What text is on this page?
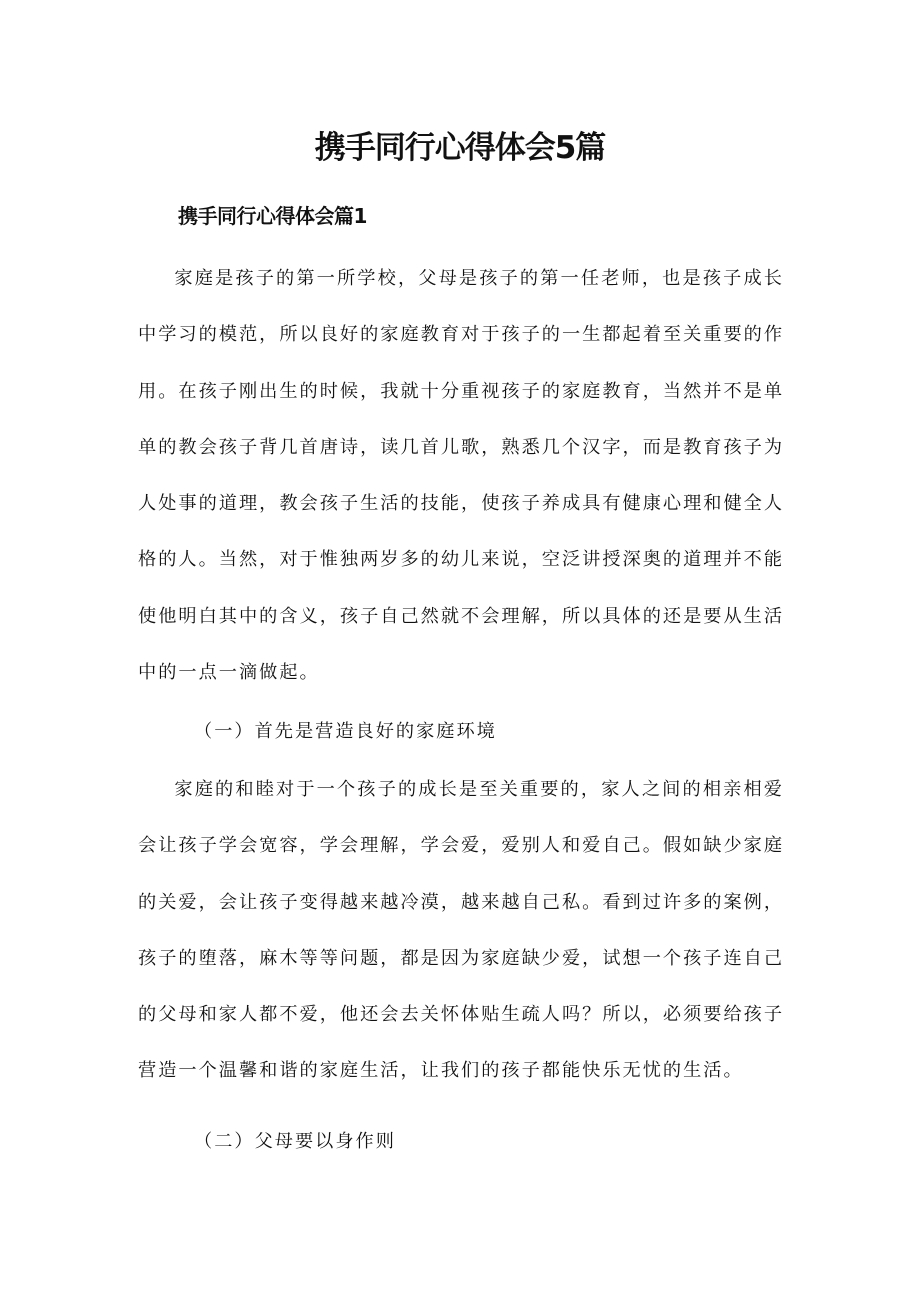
携手同行心得体会5篇
携手同行心得体会篇1

家庭是孩子的第一所学校，父母是孩子的第一任老师，也是孩子成长中学习的模范，所以良好的家庭教育对于孩子的一生都起着至关重要的作用。在孩子刚出生的时候，我就十分重视孩子的家庭教育，当然并不是单单的教会孩子背几首唐诗，读几首儿歌，熟悉几个汉字，而是教育孩子为人处事的道理，教会孩子生活的技能，使孩子养成具有健康心理和健全人格的人。当然，对于惟独两岁多的幼儿来说，空泛讲授深奥的道理并不能使他明白其中的含义，孩子自己然就不会理解，所以具体的还是要从生活中的一点一滴做起。

（一）首先是营造良好的家庭环境

家庭的和睦对于一个孩子的成长是至关重要的，家人之间的相亲相爱会让孩子学会宽容，学会理解，学会爱，爱别人和爱自己。假如缺少家庭的关爱，会让孩子变得越来越冷漠，越来越自己私。看到过许多的案例，孩子的堕落，麻木等等问题，都是因为家庭缺少爱，试想一个孩子连自己的父母和家人都不爱，他还会去关怀体贴生疏人吗？所以，必须要给孩子营造一个温馨和谐的家庭生活，让我们的孩子都能快乐无忧的生活。

（二）父母要以身作则
